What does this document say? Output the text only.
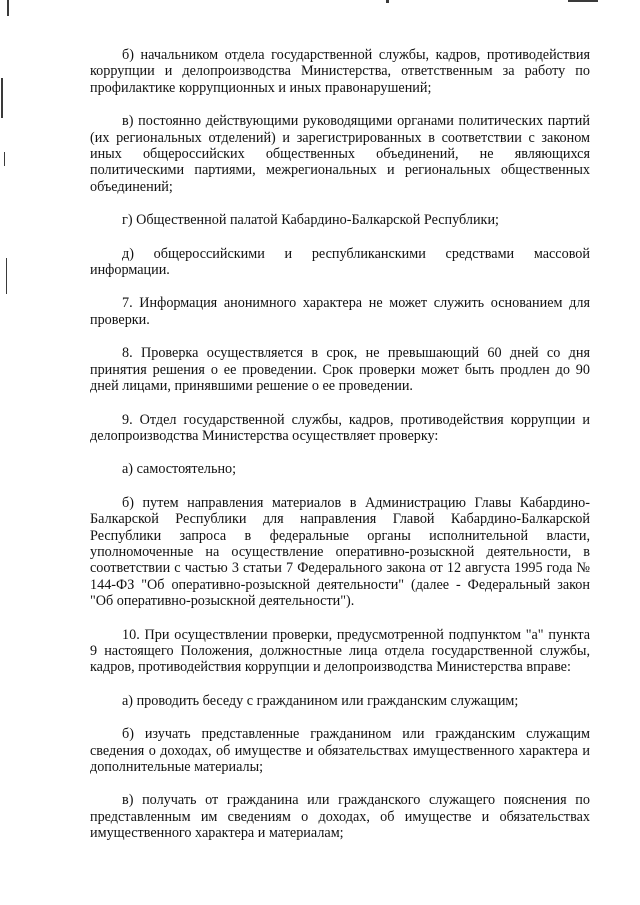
б) начальником отдела государственной службы, кадров, противодействия коррупции и делопроизводства Министерства, ответственным за работу по профилактике коррупционных и иных правонарушений;

в) постоянно действующими руководящими органами политических партий (их региональных отделений) и зарегистрированных в соответствии с законом иных общероссийских общественных объединений, не являющихся политическими партиями, межрегиональных и региональных общественных объединений;

г) Общественной палатой Кабардино-Балкарской Республики;

д) общероссийскими и республиканскими средствами массовой информации.

7. Информация анонимного характера не может служить основанием для проверки.

8. Проверка осуществляется в срок, не превышающий 60 дней со дня принятия решения о ее проведении. Срок проверки может быть продлен до 90 дней лицами, принявшими решение о ее проведении.

9. Отдел государственной службы, кадров, противодействия коррупции и делопроизводства Министерства осуществляет проверку:

а) самостоятельно;

б) путем направления материалов в Администрацию Главы Кабардино-Балкарской Республики для направления Главой Кабардино-Балкарской Республики запроса в федеральные органы исполнительной власти, уполномоченные на осуществление оперативно-розыскной деятельности, в соответствии с частью 3 статьи 7 Федерального закона от 12 августа 1995 года № 144-ФЗ "Об оперативно-розыскной деятельности" (далее - Федеральный закон "Об оперативно-розыскной деятельности").

10. При осуществлении проверки, предусмотренной подпунктом "а" пункта 9 настоящего Положения, должностные лица отдела государственной службы, кадров, противодействия коррупции и делопроизводства Министерства вправе:

а) проводить беседу с гражданином или гражданским служащим;

б) изучать представленные гражданином или гражданским служащим сведения о доходах, об имуществе и обязательствах имущественного характера и дополнительные материалы;

в) получать от гражданина или гражданского служащего пояснения по представленным им сведениям о доходах, об имуществе и обязательствах имущественного характера и материалам;
